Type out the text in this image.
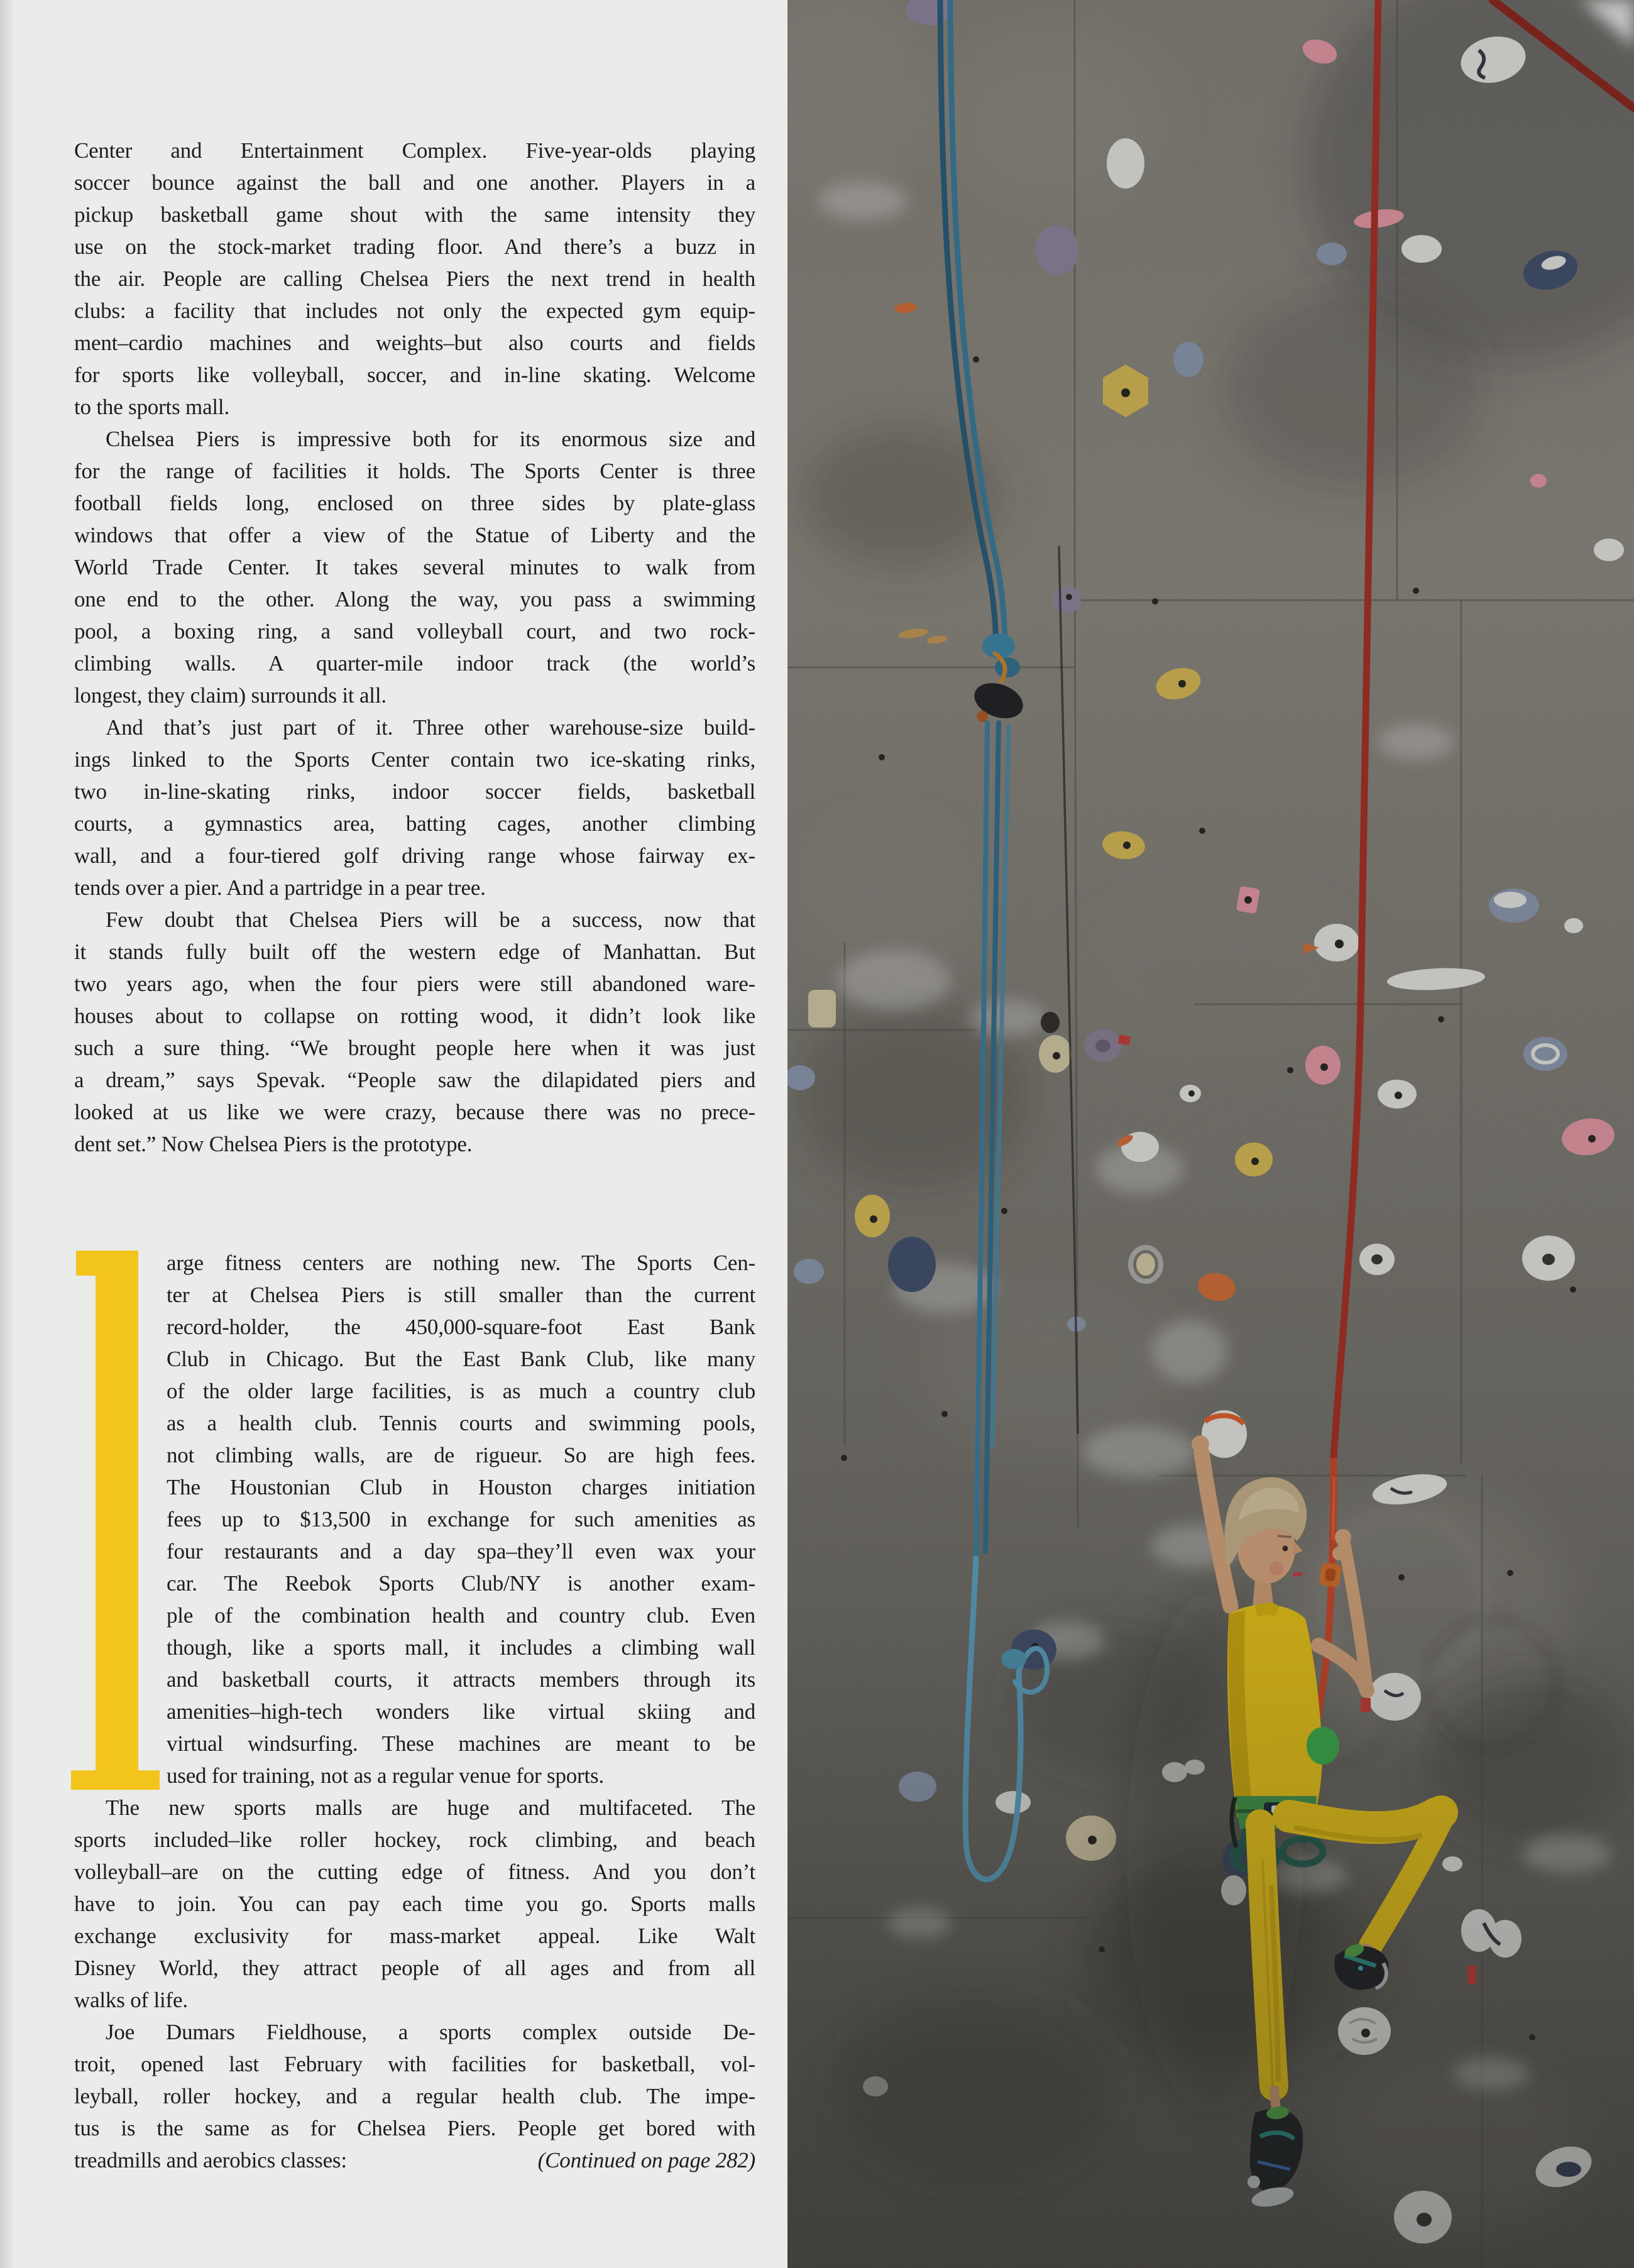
Center and Entertainment Complex. Five-year-olds playing
soccer bounce against the ball and one another. Players in a
pickup basketball game shout with the same intensity they
use on the stock-market trading floor. And there’s a buzz in
the air. People are calling Chelsea Piers the next trend in health
clubs: a facility that includes not only the expected gym equip-
ment–cardio machines and weights–but also courts and fields
for sports like volleyball, soccer, and in-line skating. Welcome
to the sports mall.
Chelsea Piers is impressive both for its enormous size and
for the range of facilities it holds. The Sports Center is three
football fields long, enclosed on three sides by plate-glass
windows that offer a view of the Statue of Liberty and the
World Trade Center. It takes several minutes to walk from
one end to the other. Along the way, you pass a swimming
pool, a boxing ring, a sand volleyball court, and two rock-
climbing walls. A quarter-mile indoor track (the world’s
longest, they claim) surrounds it all.
And that’s just part of it. Three other warehouse-size build-
ings linked to the Sports Center contain two ice-skating rinks,
two in-line-skating rinks, indoor soccer fields, basketball
courts, a gymnastics area, batting cages, another climbing
wall, and a four-tiered golf driving range whose fairway ex-
tends over a pier. And a partridge in a pear tree.
Few doubt that Chelsea Piers will be a success, now that
it stands fully built off the western edge of Manhattan. But
two years ago, when the four piers were still abandoned ware-
houses about to collapse on rotting wood, it didn’t look like
such a sure thing. “We brought people here when it was just
a dream,” says Spevak. “People saw the dilapidated piers and
looked at us like we were crazy, because there was no prece-
dent set.” Now Chelsea Piers is the prototype.
arge fitness centers are nothing new. The Sports Cen-
ter at Chelsea Piers is still smaller than the current
record-holder, the 450,000-square-foot East Bank
Club in Chicago. But the East Bank Club, like many
of the older large facilities, is as much a country club
as a health club. Tennis courts and swimming pools,
not climbing walls, are de rigueur. So are high fees.
The Houstonian Club in Houston charges initiation
fees up to $13,500 in exchange for such amenities as
four restaurants and a day spa–they’ll even wax your
car. The Reebok Sports Club/NY is another exam-
ple of the combination health and country club. Even
though, like a sports mall, it includes a climbing wall
and basketball courts, it attracts members through its
amenities–high-tech wonders like virtual skiing and
virtual windsurfing. These machines are meant to be
used for training, not as a regular venue for sports.
The new sports malls are huge and multifaceted. The
sports included–like roller hockey, rock climbing, and beach
volleyball–are on the cutting edge of fitness. And you don’t
have to join. You can pay each time you go. Sports malls
exchange exclusivity for mass-market appeal. Like Walt
Disney World, they attract people of all ages and from all
walks of life.
Joe Dumars Fieldhouse, a sports complex outside De-
troit, opened last February with facilities for basketball, vol-
leyball, roller hockey, and a regular health club. The impe-
tus is the same as for Chelsea Piers. People get bored with
treadmills and aerobics classes:	(Continued on page 282)
